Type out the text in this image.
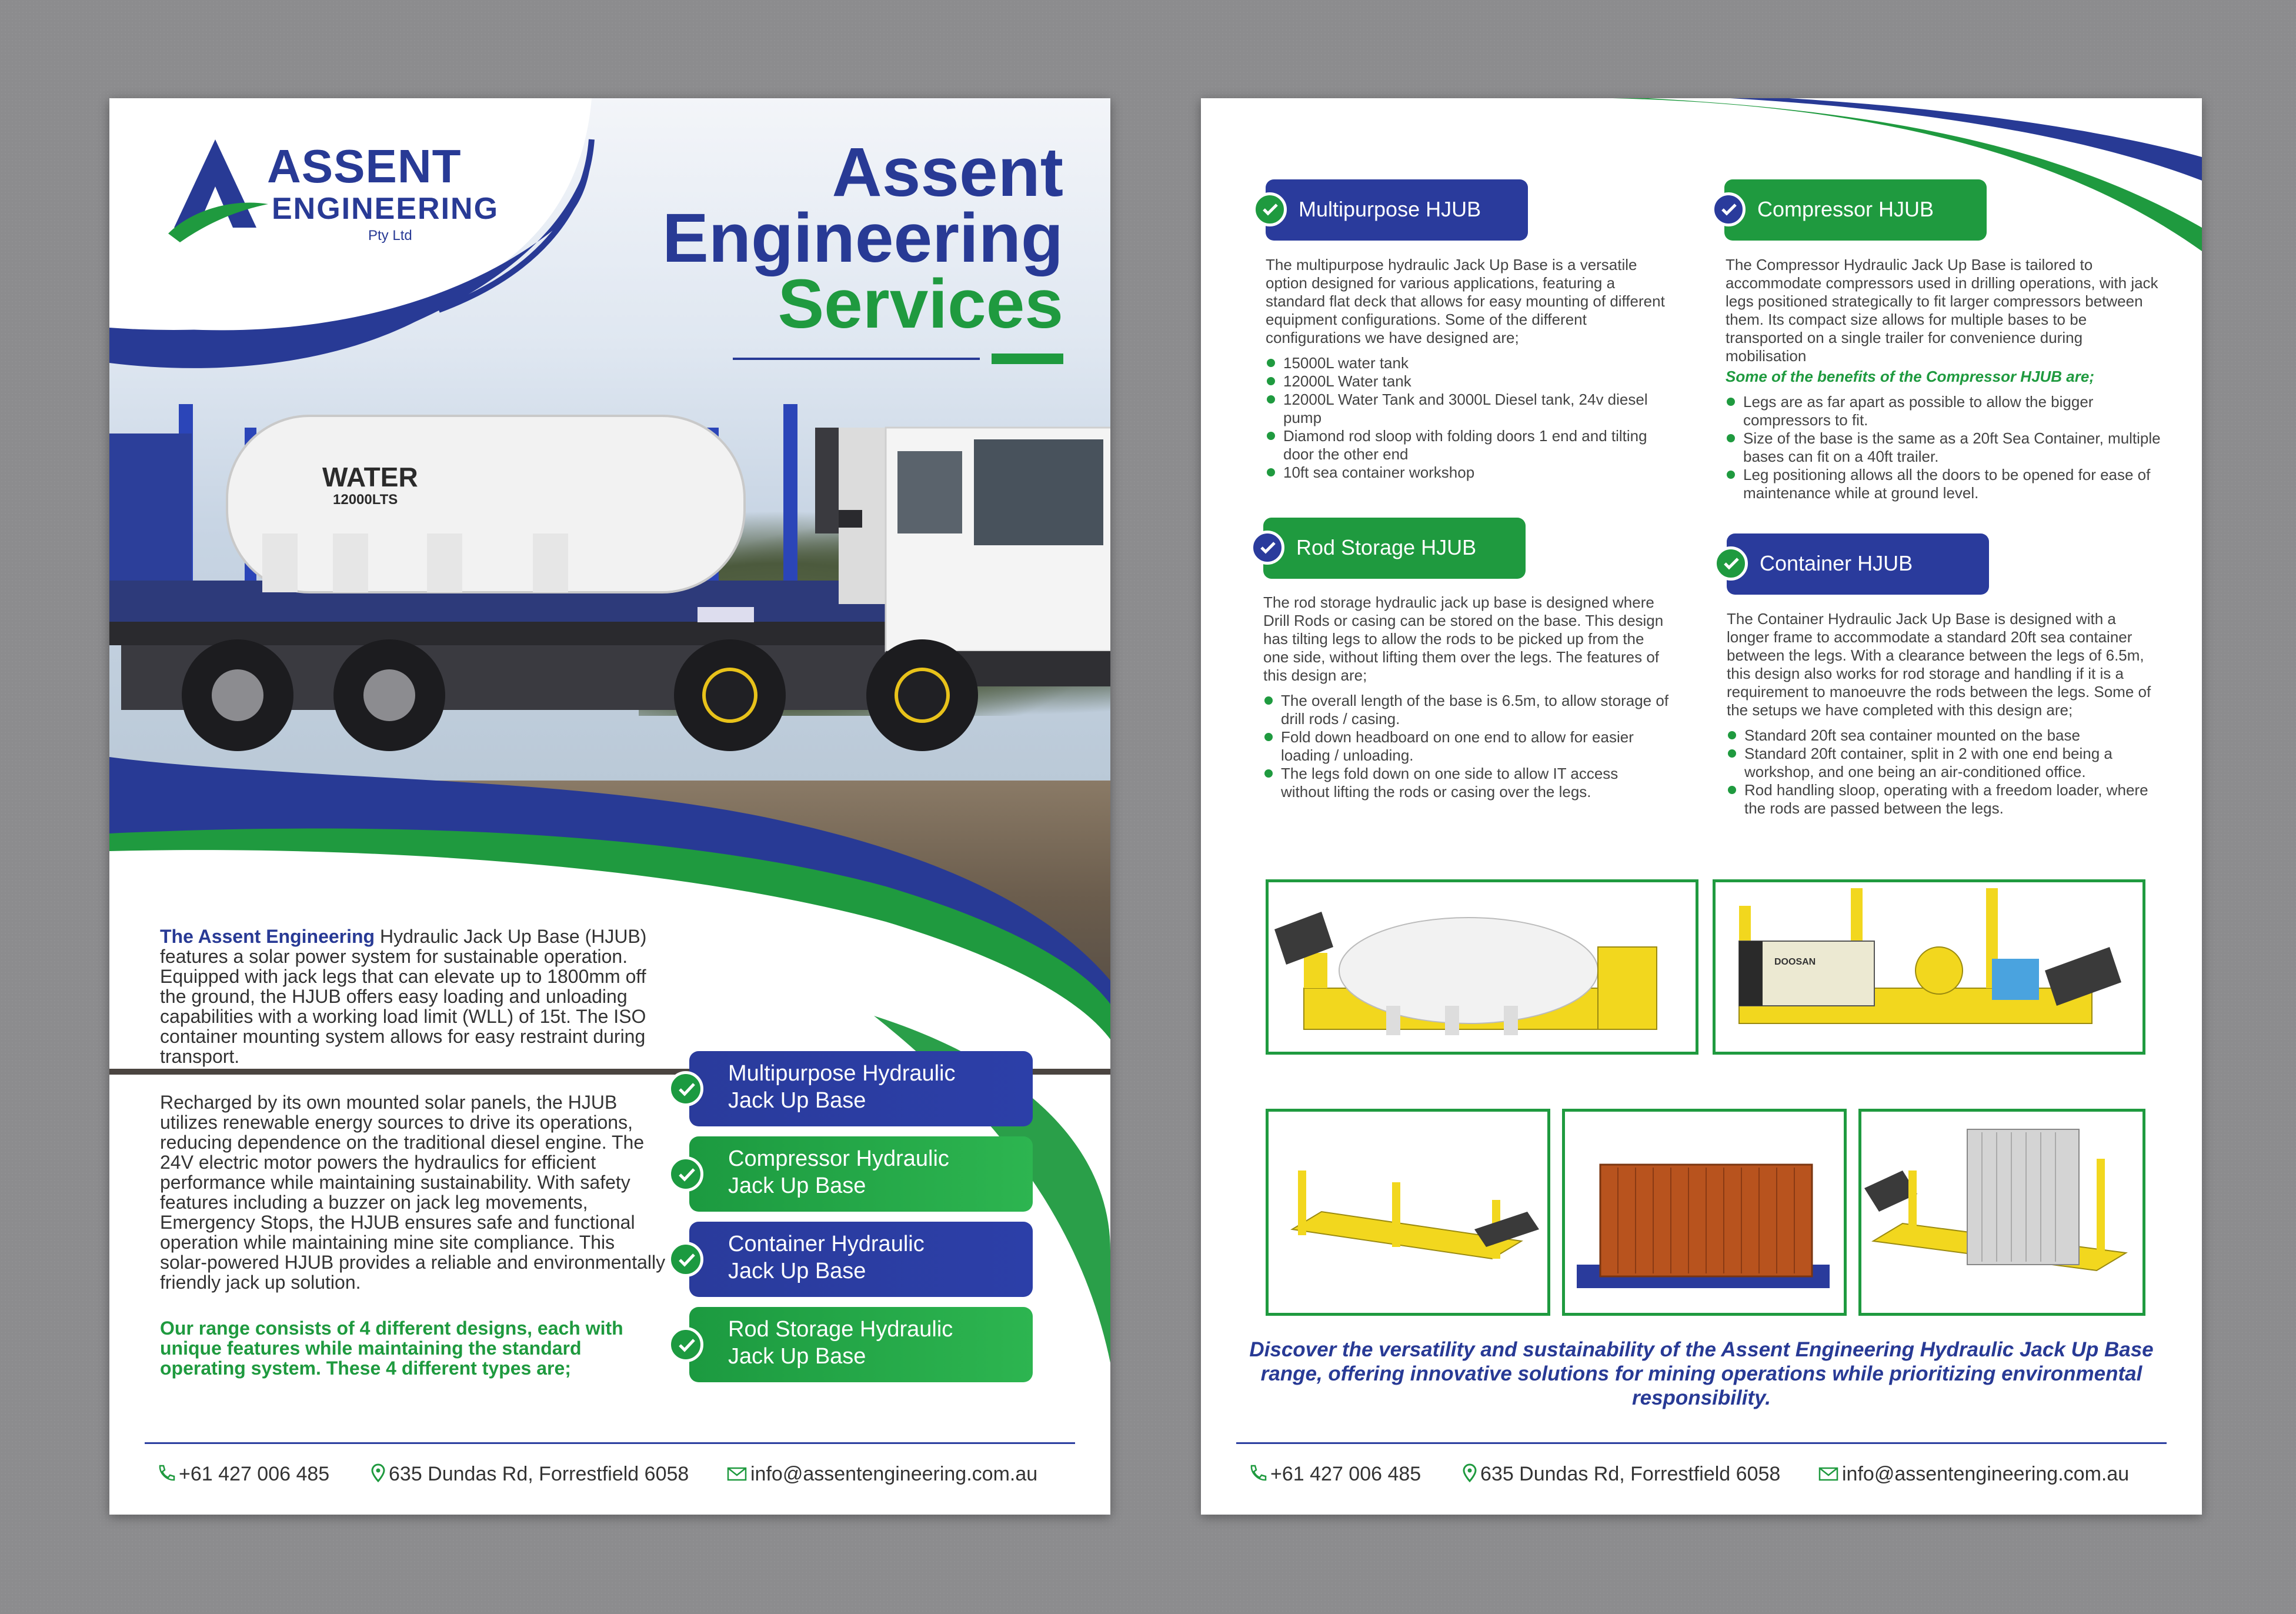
WATER
12000LTS
ASSENT
ENGINEERING
Pty Ltd
Assent
Engineering
Services

The Assent Engineering Hydraulic Jack Up Base (HJUB) features a solar power system for sustainable operation. Equipped with jack legs that can elevate up to 1800mm off the ground, the HJUB offers easy loading and unloading capabilities with a working load limit (WLL) of 15t. The ISO container mounting system allows for easy restraint during transport.

Recharged by its own mounted solar panels, the HJUB utilizes renewable energy sources to drive its operations, reducing dependence on the traditional diesel engine. The 24V electric motor powers the hydraulics for efficient performance while maintaining sustainability. With safety features including a buzzer on jack leg movements, Emergency Stops, the HJUB ensures safe and functional operation while maintaining mine site compliance. This solar-powered HJUB provides a reliable and environmentally friendly jack up solution.

Our range consists of 4 different designs, each with unique features while maintaining the standard operating system. These 4 different types are;

Multipurpose Hydraulic
Jack Up Base
Compressor Hydraulic
Jack Up Base
Container Hydraulic
Jack Up Base
Rod Storage Hydraulic
Jack Up Base
+61 427 006 485	635 Dundas Rd, Forrestfield 6058	info@assentengineering.com.au
Multipurpose HJUB

The multipurpose hydraulic Jack Up Base is a versatile option designed for various applications, featuring a standard flat deck that allows for easy mounting of different equipment configurations. Some of the different configurations we have designed are;

15000L water tank
12000L Water tank
12000L Water Tank and 3000L Diesel tank, 24v diesel pump
Diamond rod sloop with folding doors 1 end and tilting door the other end
10ft sea container workshop
Compressor HJUB

The Compressor Hydraulic Jack Up Base is tailored to accommodate compressors used in drilling operations, with jack legs positioned strategically to fit larger compressors between them. Its compact size allows for multiple bases to be transported on a single trailer for convenience during mobilisation

Some of the benefits of the Compressor HJUB are;

Legs are as far apart as possible to allow the bigger compressors to fit.
Size of the base is the same as a 20ft Sea Container, multiple bases can fit on a 40ft trailer.
Leg positioning allows all the doors to be opened for ease of maintenance while at ground level.
Rod Storage HJUB

The rod storage hydraulic jack up base is designed where Drill Rods or casing can be stored on the base. This design has tilting legs to allow the rods to be picked up from the one side, without lifting them over the legs. The features of this design are;

The overall length of the base is 6.5m, to allow storage of drill rods / casing.
Fold down headboard on one end to allow for easier loading / unloading.
The legs fold down on one side to allow IT access without lifting the rods or casing over the legs.
Container HJUB

The Container Hydraulic Jack Up Base is designed with a longer frame to accommodate a standard 20ft sea container between the legs. With a clearance between the legs of 6.5m, this design also works for rod storage and handling if it is a requirement to manoeuvre the rods between the legs. Some of the setups we have completed with this design are;

Standard 20ft sea container mounted on the base
Standard 20ft container, split in 2 with one end being a workshop, and one being an air-conditioned office.
Rod handling sloop, operating with a freedom loader, where the rods are passed between the legs.
DOOSAN
Discover the versatility and sustainability of the Assent Engineering Hydraulic Jack Up Base range, offering innovative solutions for mining operations while prioritizing environmental responsibility.
+61 427 006 485	635 Dundas Rd, Forrestfield 6058	info@assentengineering.com.au
